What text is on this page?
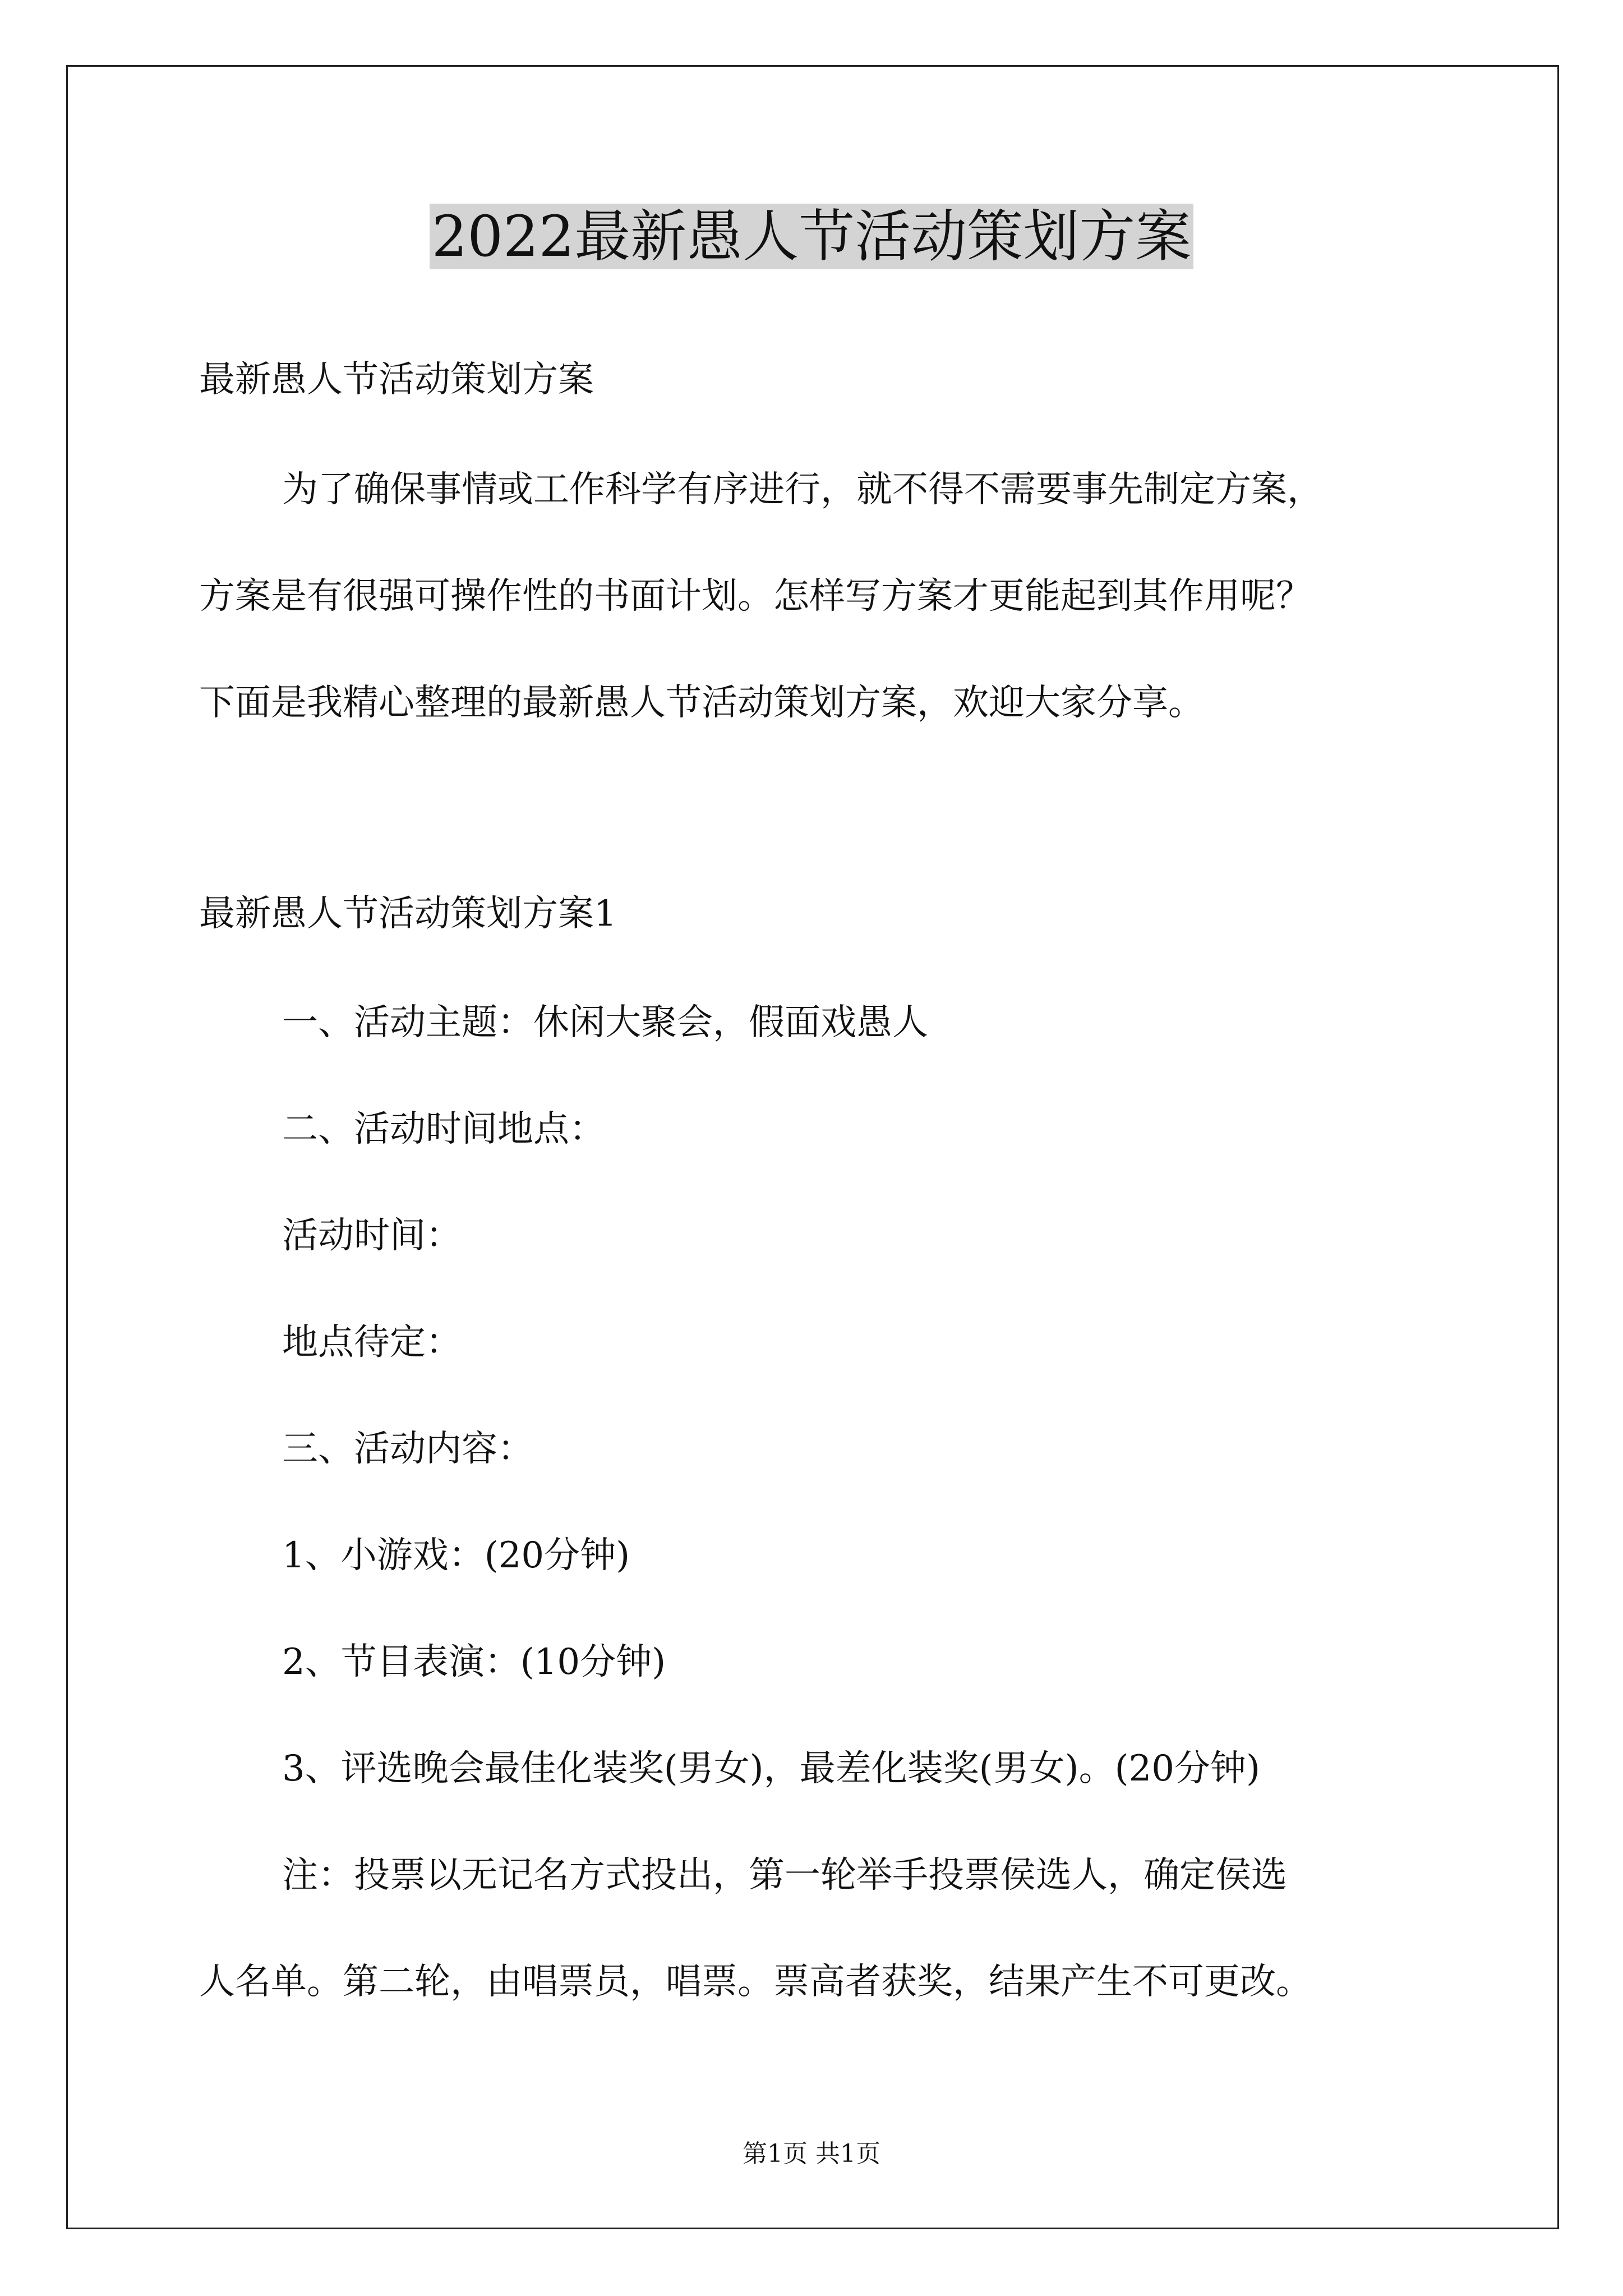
2022最新愚人节活动策划方案
最新愚人节活动策划方案
为了确保事情或工作科学有序进行，就不得不需要事先制定方案，
方案是有很强可操作性的书面计划。怎样写方案才更能起到其作用呢？
下面是我精心整理的最新愚人节活动策划方案，欢迎大家分享。
最新愚人节活动策划方案1
一、活动主题：休闲大聚会，假面戏愚人
二、活动时间地点：
活动时间：
地点待定：
三、活动内容：
1、小游戏：(20分钟)
2、节目表演：(10分钟)
3、评选晚会最佳化装奖(男女)，最差化装奖(男女)。(20分钟)
注：投票以无记名方式投出，第一轮举手投票侯选人，确定侯选
人名单。第二轮，由唱票员，唱票。票高者获奖，结果产生不可更改。
第1页 共1页
